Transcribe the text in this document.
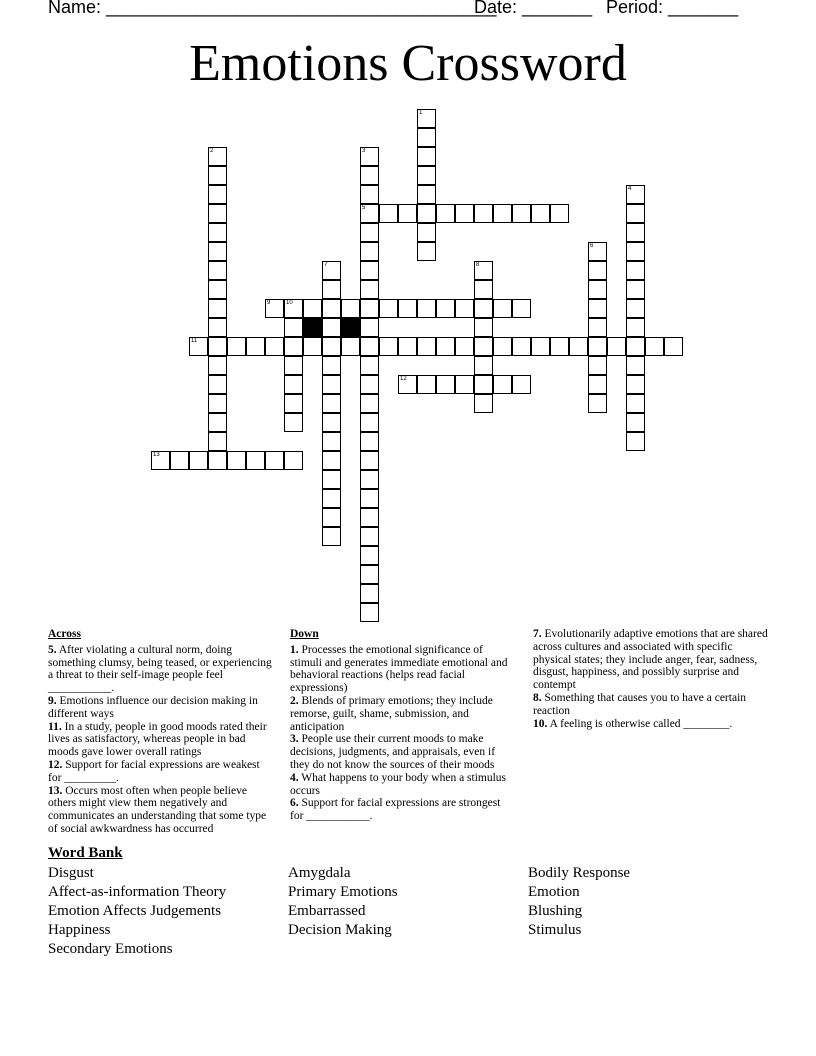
Name: _______________________________________
Date: _______ Period: _______
Emotions Crossword
1
2	3
5
4
6
7	8
9	10
11
12
13
Across
5. After violating a cultural norm, doing something clumsy, being teased, or experiencing a threat to their self-image people feel ___________.
9. Emotions influence our decision making in different ways
11. In a study, people in good moods rated their lives as satisfactory, whereas people in bad moods gave lower overall ratings
12. Support for facial expressions are weakest for _________.
13. Occurs most often when people believe others might view them negatively and communicates an understanding that some type of social awkwardness has occurred
Down
1. Processes the emotional significance of stimuli and generates immediate emotional and behavioral reactions (helps read facial expressions)
2. Blends of primary emotions; they include remorse, guilt, shame, submission, and anticipation
3. People use their current moods to make decisions, judgments, and appraisals, even if they do not know the sources of their moods
4. What happens to your body when a stimulus occurs
6. Support for facial expressions are strongest for ___________.
7. Evolutionarily adaptive emotions that are shared across cultures and associated with specific physical states; they include anger, fear, sadness, disgust, happiness, and possibly surprise and contempt
8. Something that causes you to have a certain reaction
10. A feeling is otherwise called ________.
Word Bank
Disgust
Affect-as-information Theory
Emotion Affects Judgements
Happiness
Secondary Emotions
Amygdala
Primary Emotions
Embarrassed
Decision Making
Bodily Response
Emotion
Blushing
Stimulus
